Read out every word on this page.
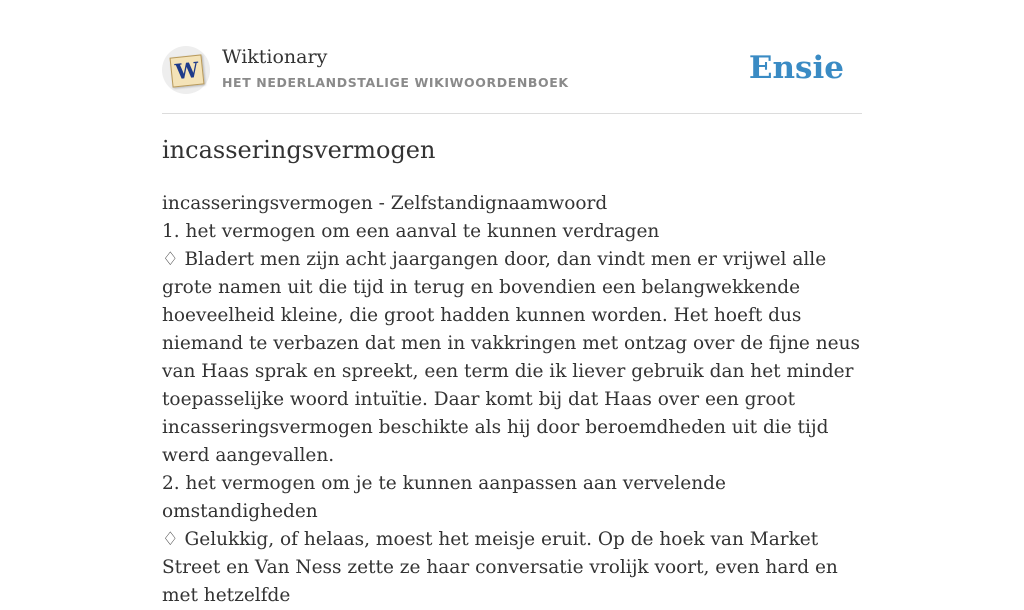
W Wiktionary
HET NEDERLANDSTALIGE WIKIWOORDENBOEK	Ensie
incasseringsvermogen

incasseringsvermogen - Zelfstandignaamwoord

1. het vermogen om een aanval te kunnen verdragen

♢ Bladert men zijn acht jaargangen door, dan vindt men er vrijwel alle grote namen uit die tijd in terug en bovendien een belangwekkende hoeveelheid kleine, die groot hadden kunnen worden. Het hoeft dus niemand te verbazen dat men in vakkringen met ontzag over de fijne neus van Haas sprak en spreekt, een term die ik liever gebruik dan het minder toepasselijke woord intuïtie. Daar komt bij dat Haas over een groot incasseringsvermogen beschikte als hij door beroemdheden uit die tijd werd aangevallen.

2. het vermogen om je te kunnen aanpassen aan vervelende omstandigheden

♢ Gelukkig, of helaas, moest het meisje eruit. Op de hoek van Market Street en Van Ness zette ze haar conversatie vrolijk voort, even hard en met hetzelfde
